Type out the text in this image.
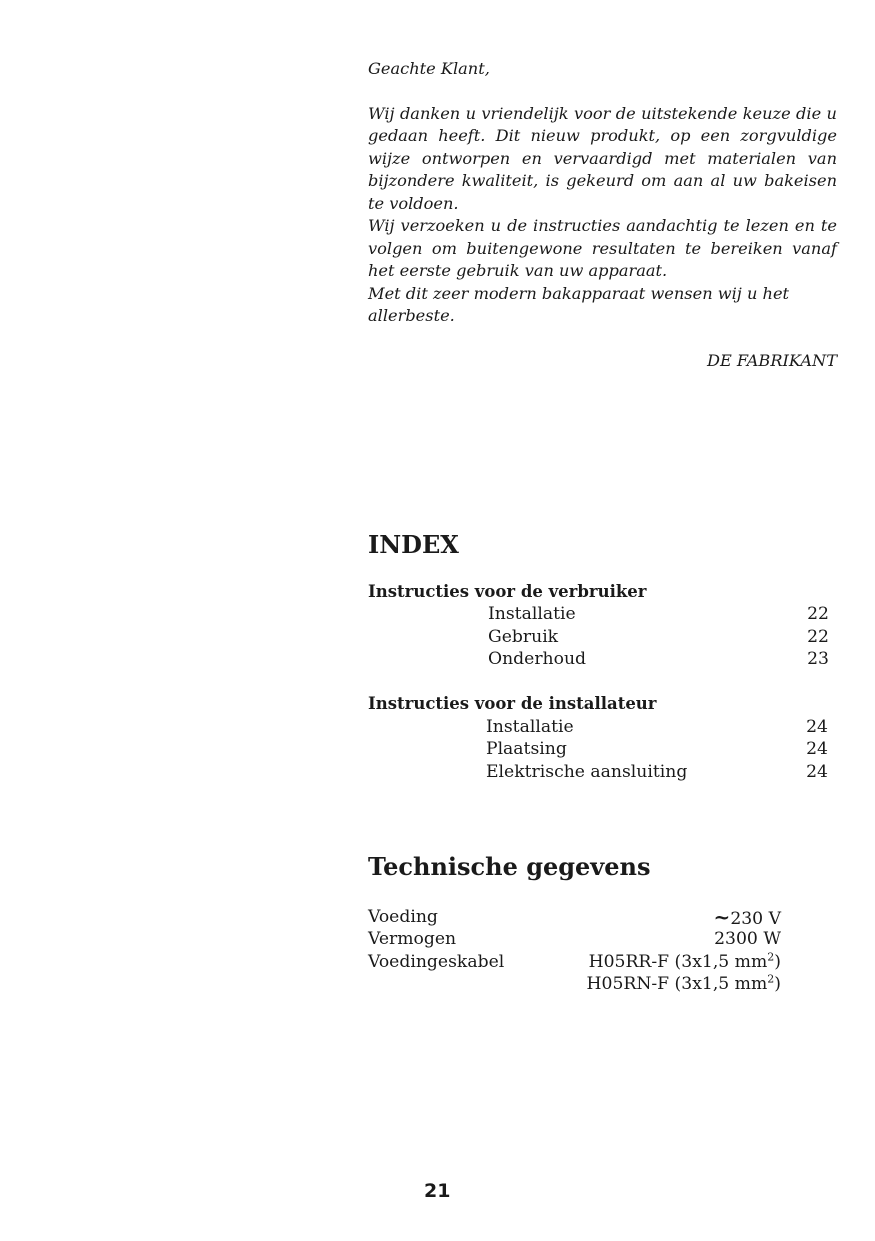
Geachte Klant,

Wij danken u vriendelijk voor de uitstekende keuze die u gedaan heeft. Dit nieuw produkt, op een zorgvuldige wijze ontworpen en vervaardigd met materialen van bijzondere kwaliteit, is gekeurd om aan al uw bakeisen te voldoen.

Wij verzoeken u de instructies aandachtig te lezen en te volgen om buitengewone resultaten te bereiken vanaf het eerste gebruik van uw apparaat.

Met dit zeer modern bakapparaat wensen wij u het allerbeste.

DE FABRIKANT
INDEX
Instructies voor de verbruiker
Installatie	22
Gebruik	22
Onderhoud	23
Instructies voor de installateur
Installatie	24
Plaatsing	24
Elektrische aansluiting	24
Technische gegevens
Voeding	~230 V
Vermogen	2300 W
Voedingeskabel	H05RR-F (3x1,5 $mm^2$)
H05RN-F (3x1,5 $mm^2$)
21
